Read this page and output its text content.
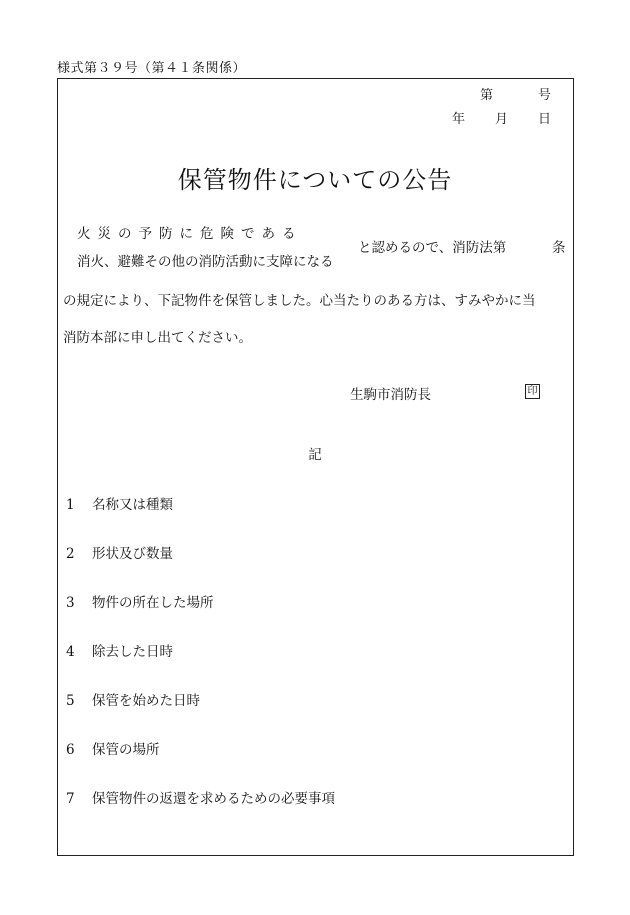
様式第３９号（第４１条関係）
第	号
年 月 日
保管物件についての公告
火災の予防に危険である
消火、避難その他の消防活動に支障になる
と認めるので、消防法第	条
の規定により、下記物件を保管しました。心当たりのある方は、すみやかに当
消防本部に申し出てください。
生駒市消防長	印
記
1 名称又は種類
2 形状及び数量
3 物件の所在した場所
4 除去した日時
5 保管を始めた日時
6 保管の場所
7 保管物件の返還を求めるための必要事項
